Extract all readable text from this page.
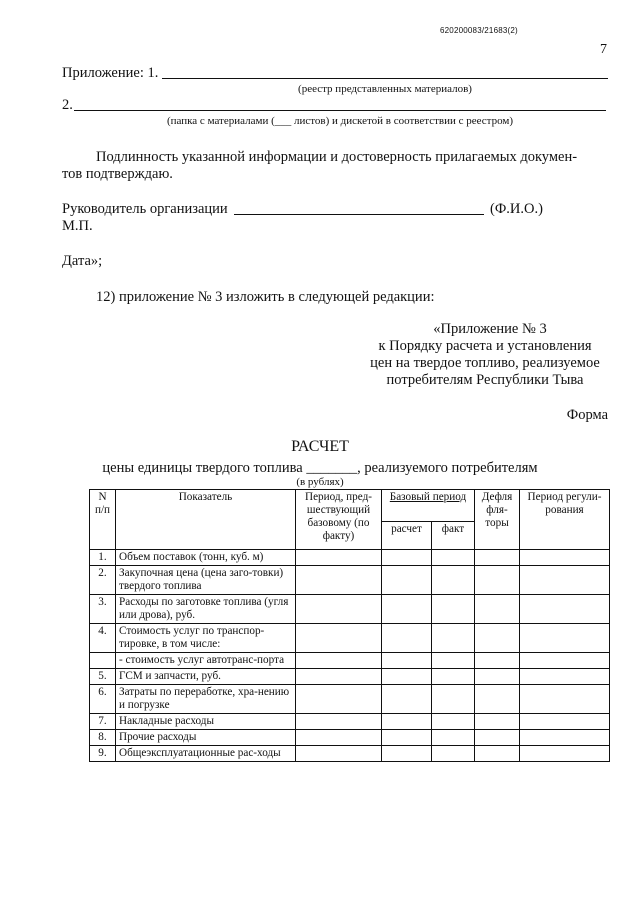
620200083/21683(2)
7
Приложение: 1.
(реестр представленных материалов)
2.
(папка с материалами (___ листов) и дискетой в соответствии с реестром)
Подлинность указанной информации и достоверность прилагаемых докумен-
тов подтверждаю.
Руководитель организации	(Ф.И.О.)
М.П.
Дата»;
12) приложение № 3 изложить в следующей редакции:
«Приложение № 3
к Порядку расчета и установления
цен на твердое топливо, реализуемое
потребителям Республики Тыва
Форма
РАСЧЕТ
цены единицы твердого топлива _______, реализуемого потребителям
(в рублях)
N п/п	Показатель	Период, пред-шествующий базовому (по факту)	Базовый период		Дефля фля-торы	Период регули-рования
			расчет	факт		
1.	Объем поставок (тонн, куб. м)					
2.	Закупочная цена (цена заго-товки) твердого топлива					
3.	Расходы по заготовке топлива (угля или дрова), руб.					
4.	Стоимость услуг по транспор-тировке, в том числе:					
	- стоимость услуг автотранс-порта					
5.	ГСМ и запчасти, руб.					
6.	Затраты по переработке, хра-нению и погрузке					
7.	Накладные расходы					
8.	Прочие расходы					
9.	Общеэксплуатационные рас-ходы					
